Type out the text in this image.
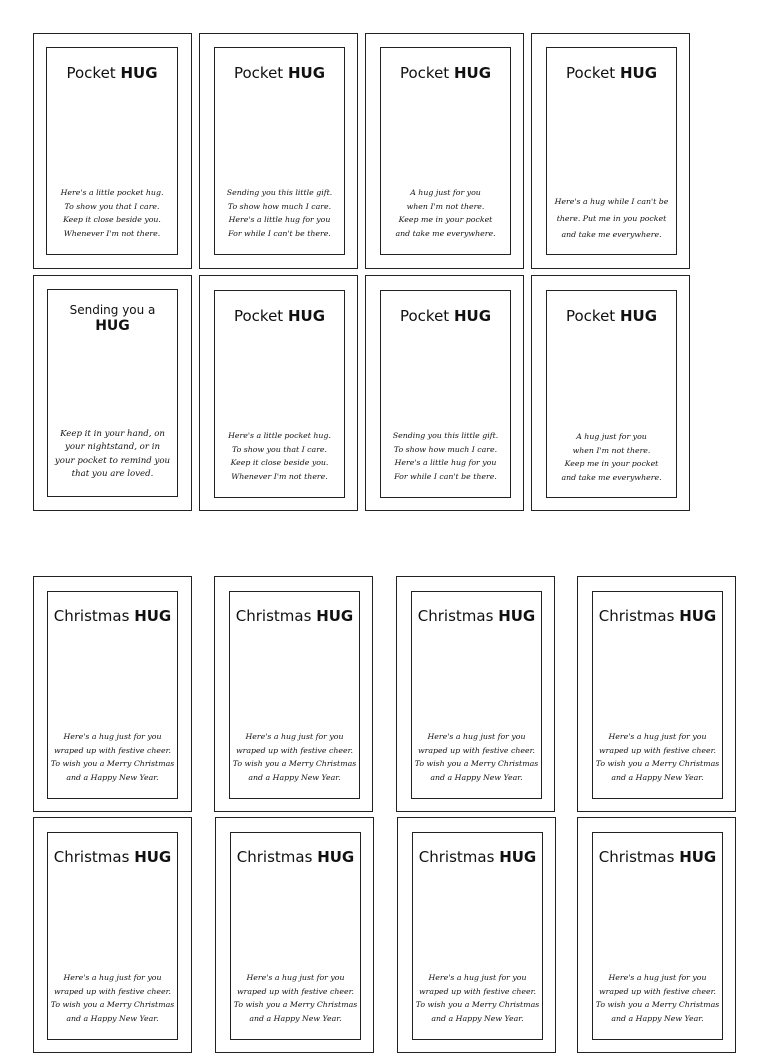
Pocket HUG
Here's a little pocket hug.
To show you that I care.
Keep it close beside you.
Whenever I'm not there.
Pocket HUG
Sending you this little gift.
To show how much I care.
Here's a little hug for you
For while I can't be there.
Pocket HUG
A hug just for you
when I'm not there.
Keep me in your pocket
and take me everywhere.
Pocket HUG
Here's a hug while I can't be
there. Put me in you pocket
and take me everywhere.
Sending you a
HUG
Keep it in your hand, on
your nightstand, or in
your pocket to remind you
that you are loved.
Pocket HUG
Here's a little pocket hug.
To show you that I care.
Keep it close beside you.
Whenever I'm not there.
Pocket HUG
Sending you this little gift.
To show how much I care.
Here's a little hug for you
For while I can't be there.
Pocket HUG
A hug just for you
when I'm not there.
Keep me in your pocket
and take me everywhere.
Christmas HUG
Here's a hug just for you
wraped up with festive cheer.
To wish you a Merry Christmas
and a Happy New Year.
Christmas HUG
Here's a hug just for you
wraped up with festive cheer.
To wish you a Merry Christmas
and a Happy New Year.
Christmas HUG
Here's a hug just for you
wraped up with festive cheer.
To wish you a Merry Christmas
and a Happy New Year.
Christmas HUG
Here's a hug just for you
wraped up with festive cheer.
To wish you a Merry Christmas
and a Happy New Year.
Christmas HUG
Here's a hug just for you
wraped up with festive cheer.
To wish you a Merry Christmas
and a Happy New Year.
Christmas HUG
Here's a hug just for you
wraped up with festive cheer.
To wish you a Merry Christmas
and a Happy New Year.
Christmas HUG
Here's a hug just for you
wraped up with festive cheer.
To wish you a Merry Christmas
and a Happy New Year.
Christmas HUG
Here's a hug just for you
wraped up with festive cheer.
To wish you a Merry Christmas
and a Happy New Year.
